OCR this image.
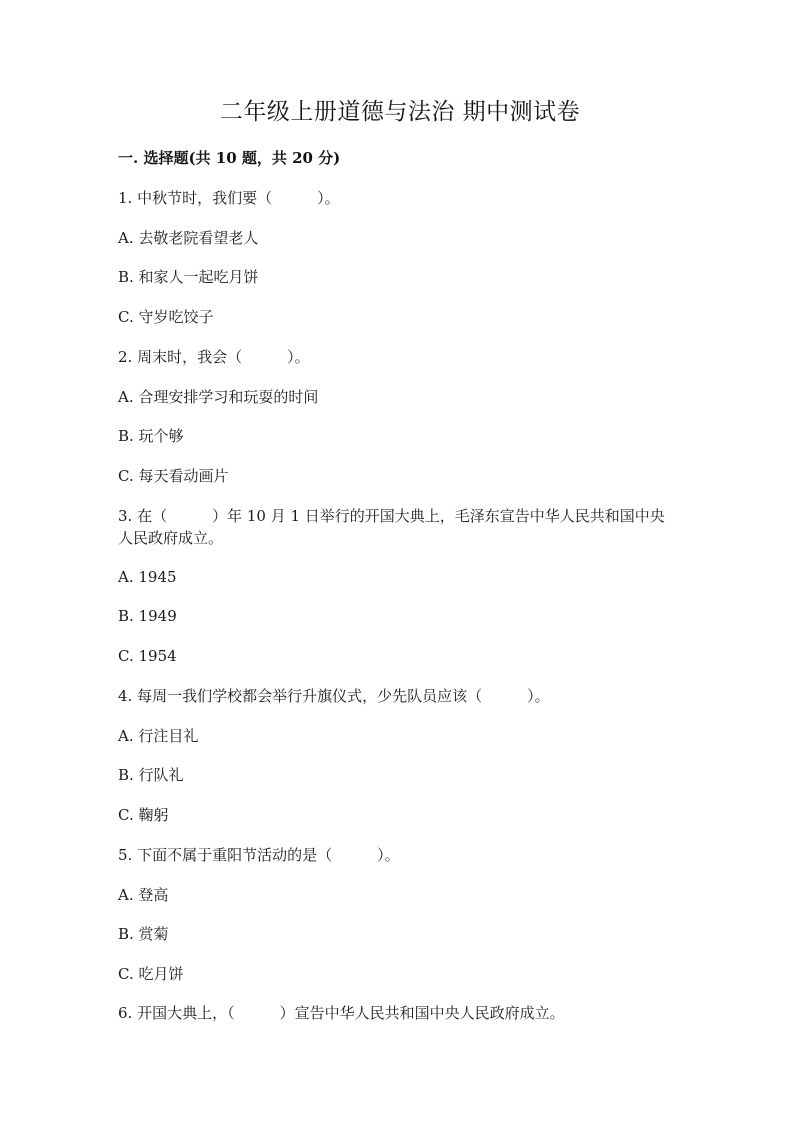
二年级上册道德与法治 期中测试卷
一. 选择题(共 10 题，共 20 分)
1. 中秋节时，我们要（　　　）。
A. 去敬老院看望老人
B. 和家人一起吃月饼
C. 守岁吃饺子
2. 周末时，我会（　　　）。
A. 合理安排学习和玩耍的时间
B. 玩个够
C. 每天看动画片
3. 在（　　　）年 10 月 1 日举行的开国大典上，毛泽东宣告中华人民共和国中央人民政府成立。
A. 1945
B. 1949
C. 1954
4. 每周一我们学校都会举行升旗仪式，少先队员应该（　　　）。
A. 行注目礼
B. 行队礼
C. 鞠躬
5. 下面不属于重阳节活动的是（　　　）。
A. 登高
B. 赏菊
C. 吃月饼
6. 开国大典上，（　　　）宣告中华人民共和国中央人民政府成立。
